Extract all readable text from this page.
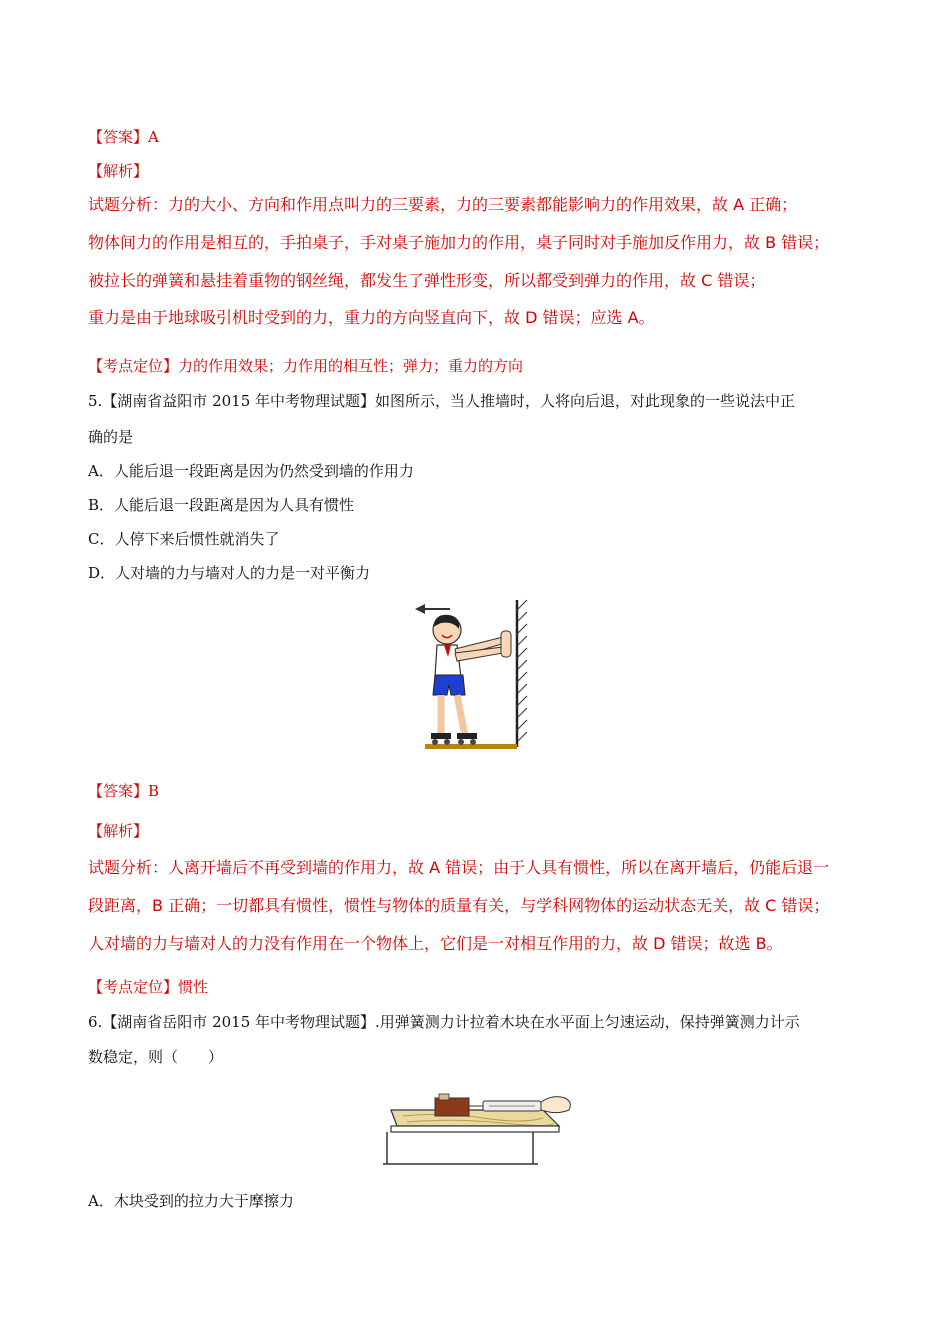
【答案】A
【解析】
试题分析：力的大小、方向和作用点叫力的三要素，力的三要素都能影响力的作用效果，故 A 正确；
物体间力的作用是相互的，手拍桌子，手对桌子施加力的作用，桌子同时对手施加反作用力，故 B 错误；
被拉长的弹簧和悬挂着重物的钢丝绳，都发生了弹性形变，所以都受到弹力的作用，故 C 错误；
重力是由于地球吸引机时受到的力，重力的方向竖直向下，故 D 错误；应选 A。
【考点定位】力的作用效果；力作用的相互性；弹力；重力的方向
5.【湖南省益阳市 2015 年中考物理试题】如图所示，当人推墙时，人将向后退，对此现象的一些说法中正
确的是
A．人能后退一段距离是因为仍然受到墙的作用力
B．人能后退一段距离是因为人具有惯性
C．人停下来后惯性就消失了
D．人对墙的力与墙对人的力是一对平衡力
【答案】B
【解析】
试题分析：人离开墙后不再受到墙的作用力，故 A 错误；由于人具有惯性，所以在离开墙后，仍能后退一
段距离，B 正确；一切都具有惯性，惯性与物体的质量有关，与学科网物体的运动状态无关，故 C 错误；
人对墙的力与墙对人的力没有作用在一个物体上，它们是一对相互作用的力，故 D 错误；故选 B。
【考点定位】惯性
6.【湖南省岳阳市 2015 年中考物理试题】.用弹簧测力计拉着木块在水平面上匀速运动，保持弹簧测力计示
数稳定，则（　　）
A．木块受到的拉力大于摩擦力
